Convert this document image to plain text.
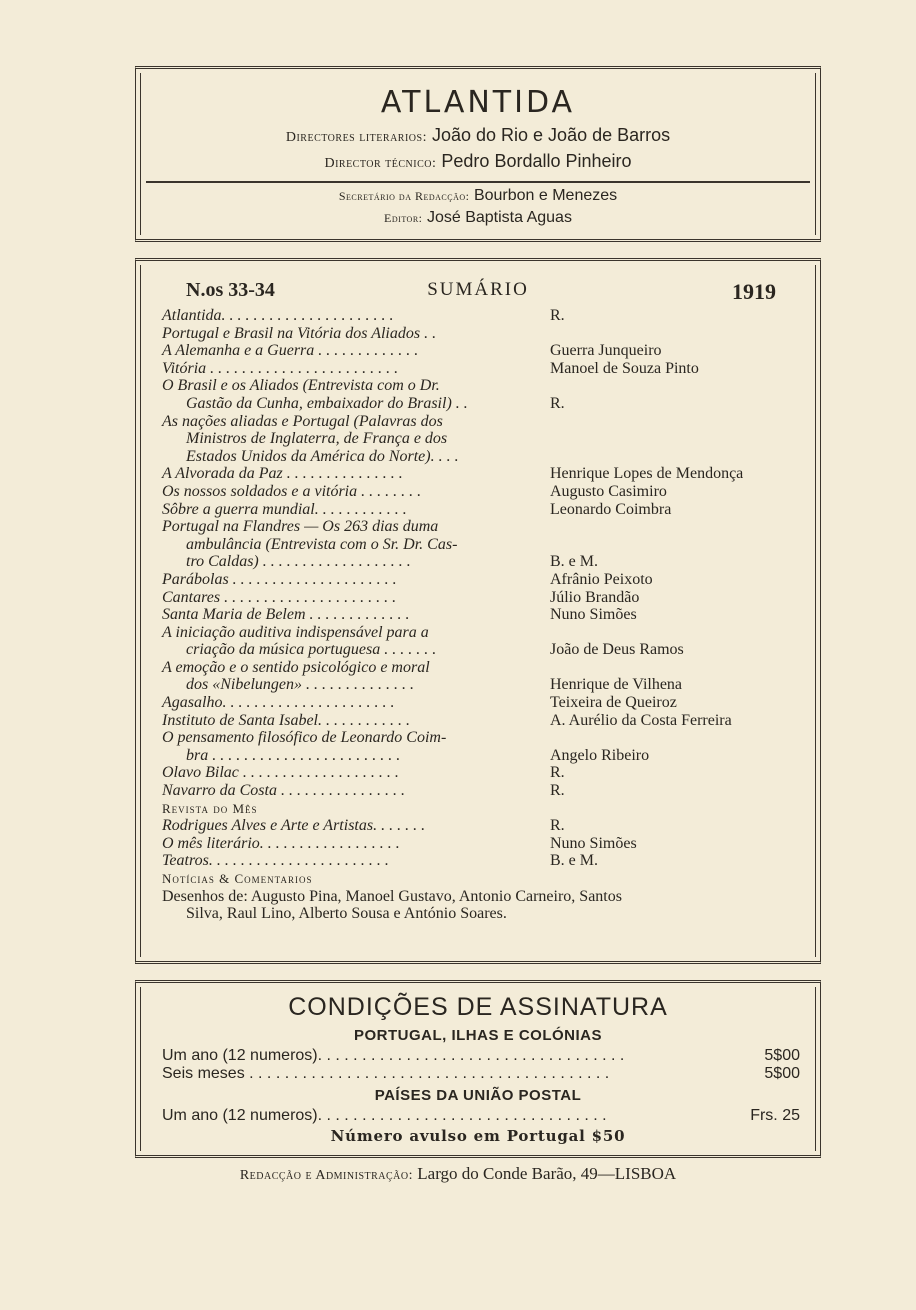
ATLANTIDA
Directores literarios: João do Rio e João de Barros
Director técnico: Pedro Bordallo Pinheiro
Secretário da Redacção: Bourbon e Menezes
Editor: José Baptista Aguas
N.os 33-34	SUMÁRIO	1919
Atlantida. . . . . . . . . . . . . . . . . . . . . .	R.
Portugal e Brasil na Vitória dos Aliados . .
A Alemanha e a Guerra . . . . . . . . . . . . .	Guerra Junqueiro
Vitória . . . . . . . . . . . . . . . . . . . . . . . .	Manoel de Souza Pinto
O Brasil e os Aliados (Entrevista com o Dr.
Gastão da Cunha, embaixador do Brasil) . .	R.
As nações aliadas e Portugal (Palavras dos
Ministros de Inglaterra, de França e dos
Estados Unidos da América do Norte). . . .
A Alvorada da Paz . . . . . . . . . . . . . . .	Henrique Lopes de Mendonça
Os nossos soldados e a vitória . . . . . . . .	Augusto Casimiro
Sôbre a guerra mundial. . . . . . . . . . . .	Leonardo Coimbra
Portugal na Flandres — Os 263 dias duma
ambulância (Entrevista com o Sr. Dr. Cas-
tro Caldas) . . . . . . . . . . . . . . . . . . .	B. e M.
Parábolas . . . . . . . . . . . . . . . . . . . . .	Afrânio Peixoto
Cantares . . . . . . . . . . . . . . . . . . . . . .	Júlio Brandão
Santa Maria de Belem . . . . . . . . . . . . .	Nuno Simões
A iniciação auditiva indispensável para a
criação da música portuguesa . . . . . . .	João de Deus Ramos
A emoção e o sentido psicológico e moral
dos «Nibelungen» . . . . . . . . . . . . . .	Henrique de Vilhena
Agasalho. . . . . . . . . . . . . . . . . . . . . .	Teixeira de Queiroz
Instituto de Santa Isabel. . . . . . . . . . . .	A. Aurélio da Costa Ferreira
O pensamento filosófico de Leonardo Coim-
bra . . . . . . . . . . . . . . . . . . . . . . . .	Angelo Ribeiro
Olavo Bilac . . . . . . . . . . . . . . . . . . . .	R.
Navarro da Costa . . . . . . . . . . . . . . . .	R.
Revista do Mês
Rodrigues Alves e Arte e Artistas. . . . . . .	R.
O mês literário. . . . . . . . . . . . . . . . . .	Nuno Simões
Teatros. . . . . . . . . . . . . . . . . . . . . . .	B. e M.
Notícias & Comentarios
Desenhos de: Augusto Pina, Manoel Gustavo, Antonio Carneiro, Santos
Silva, Raul Lino, Alberto Sousa e António Soares.
CONDIÇÕES DE ASSINATURA
PORTUGAL, ILHAS E COLÓNIAS
Um ano (12 numeros). . . . . . . . . . . . . . . . . . . . . . . . . . . . . . . . . . .	5$00
Seis meses . . . . . . . . . . . . . . . . . . . . . . . . . . . . . . . . . . . . . . . . .	5$00
PAÍSES DA UNIÃO POSTAL
Um ano (12 numeros). . . . . . . . . . . . . . . . . . . . . . . . . . . . . . . . .	Frs. 25
Número avulso em Portugal $50
Redacção e Administração: Largo do Conde Barão, 49—LISBOA
